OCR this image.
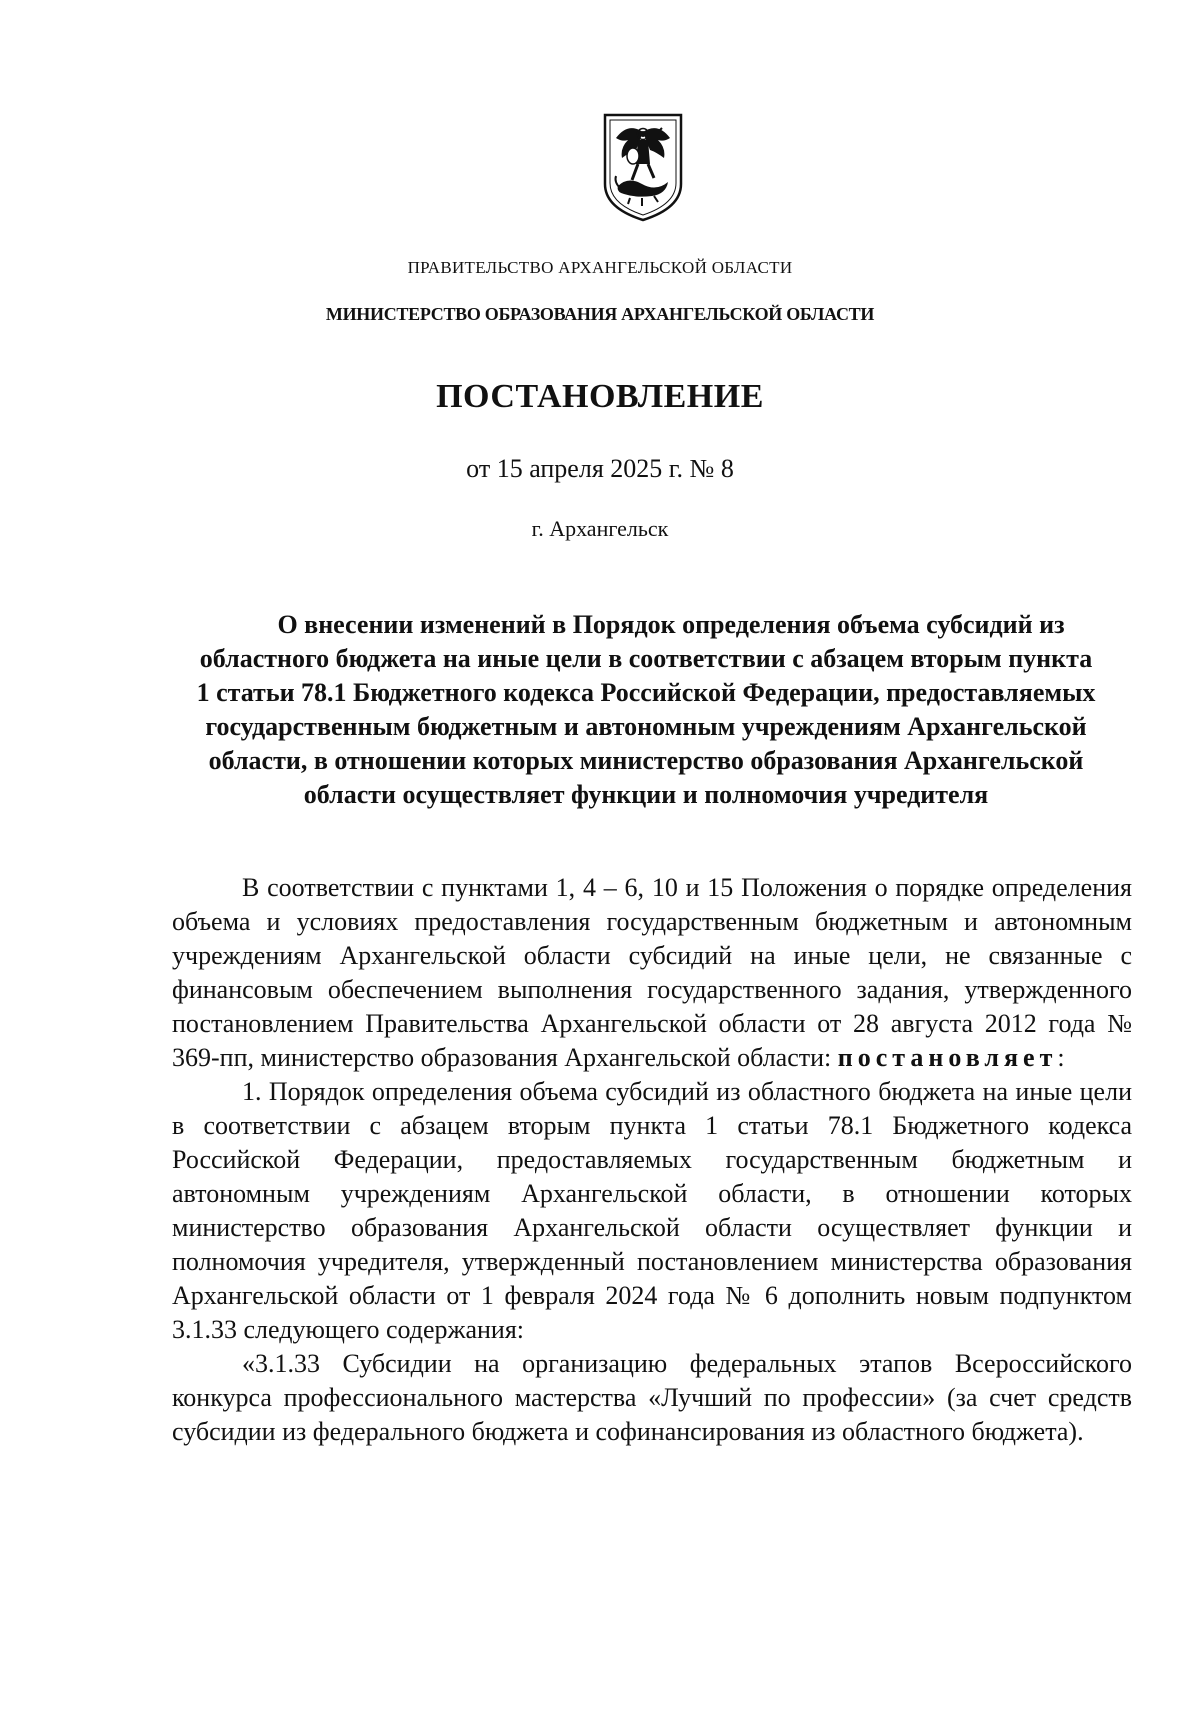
ПРАВИТЕЛЬСТВО АРХАНГЕЛЬСКОЙ ОБЛАСТИ
МИНИСТЕРСТВО ОБРАЗОВАНИЯ АРХАНГЕЛЬСКОЙ ОБЛАСТИ
ПОСТАНОВЛЕНИЕ
от 15 апреля 2025 г. № 8
г. Архангельск
О внесении изменений в Порядок определения объема субсидий из областного бюджета на иные цели в соответствии с абзацем вторым пункта 1 статьи 78.1 Бюджетного кодекса Российской Федерации, предоставляемых государственным бюджетным и автономным учреждениям Архангельской области, в отношении которых министерство образования Архангельской области осуществляет функции и полномочия учредителя

В соответствии с пунктами 1, 4 – 6, 10 и 15 Положения о порядке определения объема и условиях предоставления государственным бюджетным и автономным учреждениям Архангельской области субсидий на иные цели, не связанные с финансовым обеспечением выполнения государственного задания, утвержденного постановлением Правительства Архангельской области от 28 августа 2012 года № 369-пп, министерство образования Архангельской области: постановляет:

1. Порядок определения объема субсидий из областного бюджета на иные цели в соответствии с абзацем вторым пункта 1 статьи 78.1 Бюджетного кодекса Российской Федерации, предоставляемых государственным бюджетным и автономным учреждениям Архангельской области, в отношении которых министерство образования Архангельской области осуществляет функции и полномочия учредителя, утвержденный постановлением министерства образования Архангельской области от 1 февраля 2024 года № 6 дополнить новым подпунктом 3.1.33 следующего содержания:

«3.1.33 Субсидии на организацию федеральных этапов Всероссийского конкурса профессионального мастерства «Лучший по профессии» (за счет средств субсидии из федерального бюджета и софинансирования из областного бюджета).
